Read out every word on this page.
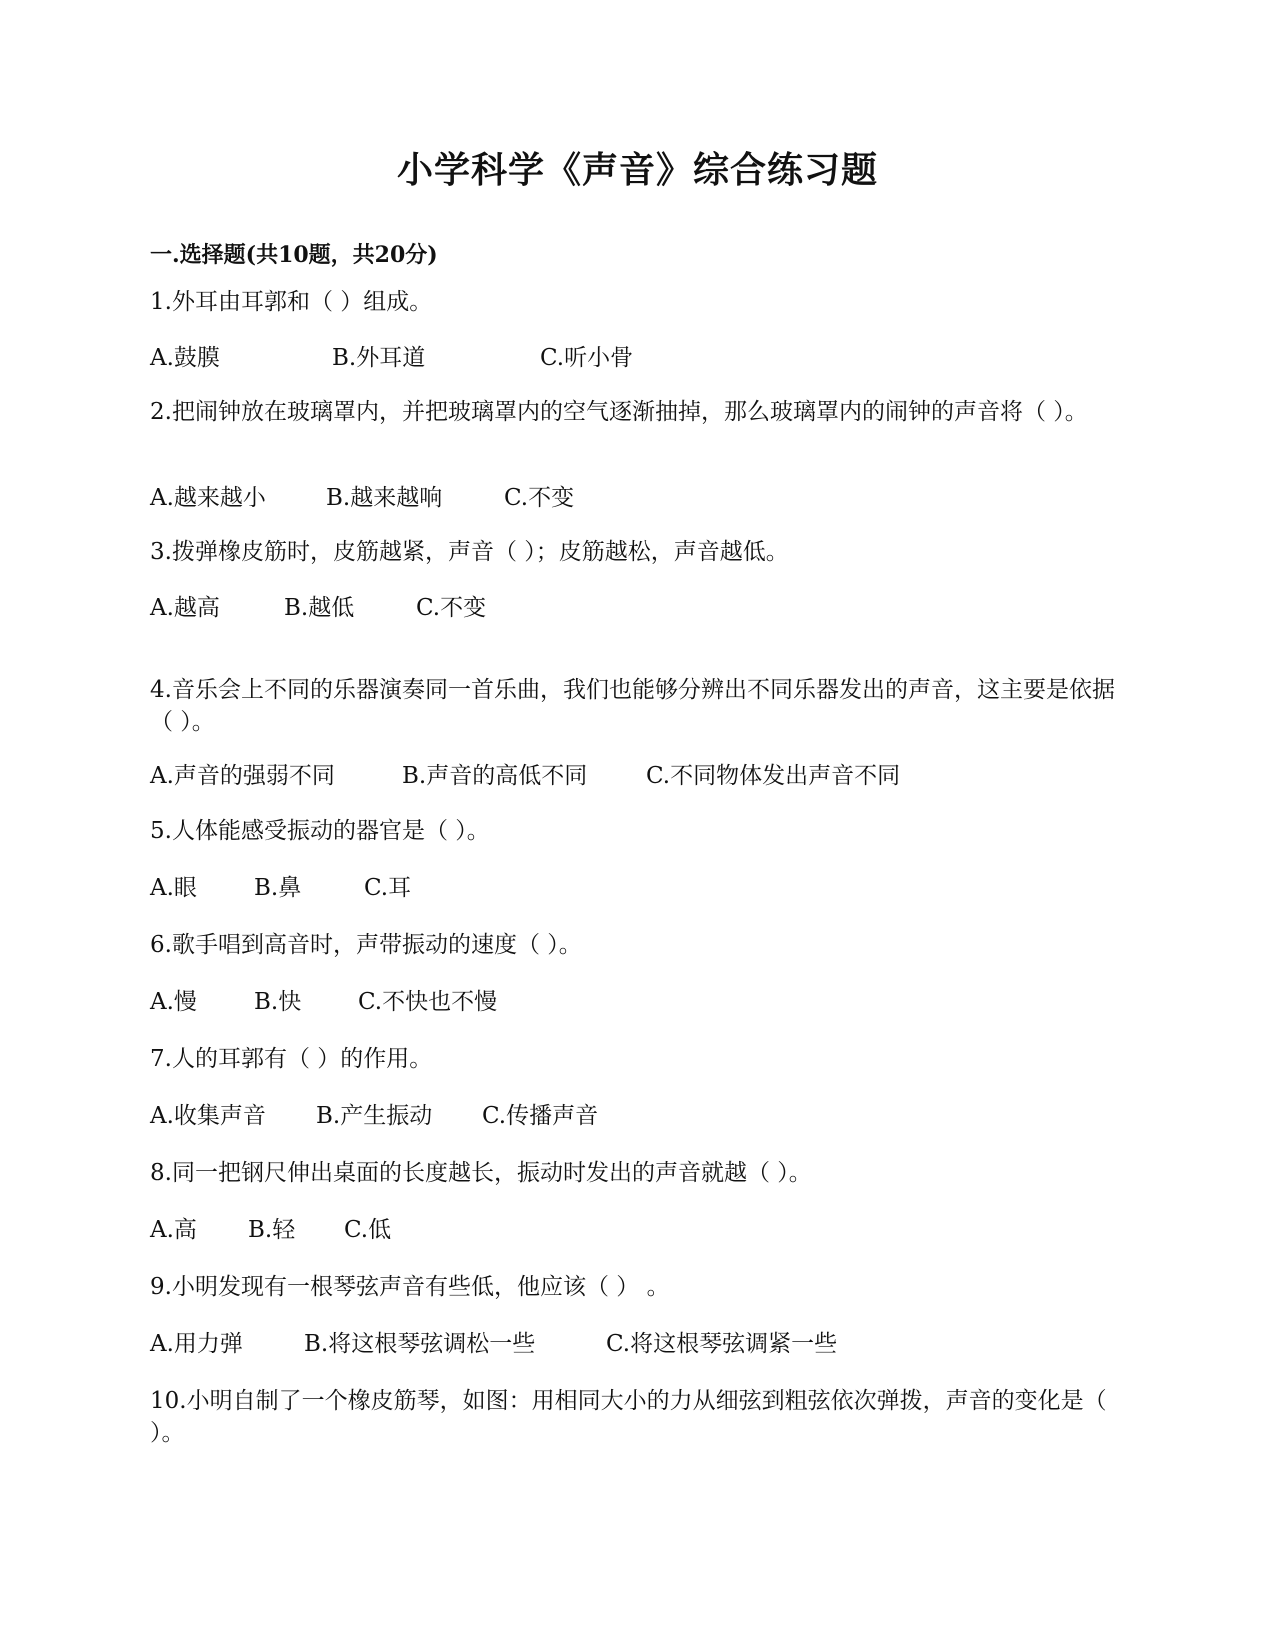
小学科学《声音》综合练习题
一.选择题(共10题，共20分)

1.外耳由耳郭和（ ）组成。

A.鼓膜	B.外耳道	C.听小骨

2.把闹钟放在玻璃罩内，并把玻璃罩内的空气逐渐抽掉，那么玻璃罩内的闹钟的声音将（ ）。

A.越来越小	B.越来越响	C.不变

3.拨弹橡皮筋时，皮筋越紧，声音（ ）；皮筋越松，声音越低。

A.越高	B.越低	C.不变

4.音乐会上不同的乐器演奏同一首乐曲，我们也能够分辨出不同乐器发出的声音，这主要是依据（ ）。

A.声音的强弱不同	B.声音的高低不同	C.不同物体发出声音不同

5.人体能感受振动的器官是（ ）。

A.眼 B.鼻	C.耳

6.歌手唱到高音时，声带振动的速度（ ）。

A.慢 B.快 C.不快也不慢

7.人的耳郭有（ ）的作用。

A.收集声音 B.产生振动 C.传播声音

8.同一把钢尺伸出桌面的长度越长，振动时发出的声音就越（ ）。

A.高 B.轻 C.低

9.小明发现有一根琴弦声音有些低，他应该（ ） 。

A.用力弹	B.将这根琴弦调松一些	C.将这根琴弦调紧一些

10.小明自制了一个橡皮筋琴，如图：用相同大小的力从细弦到粗弦依次弹拨，声音的变化是（ ）。
